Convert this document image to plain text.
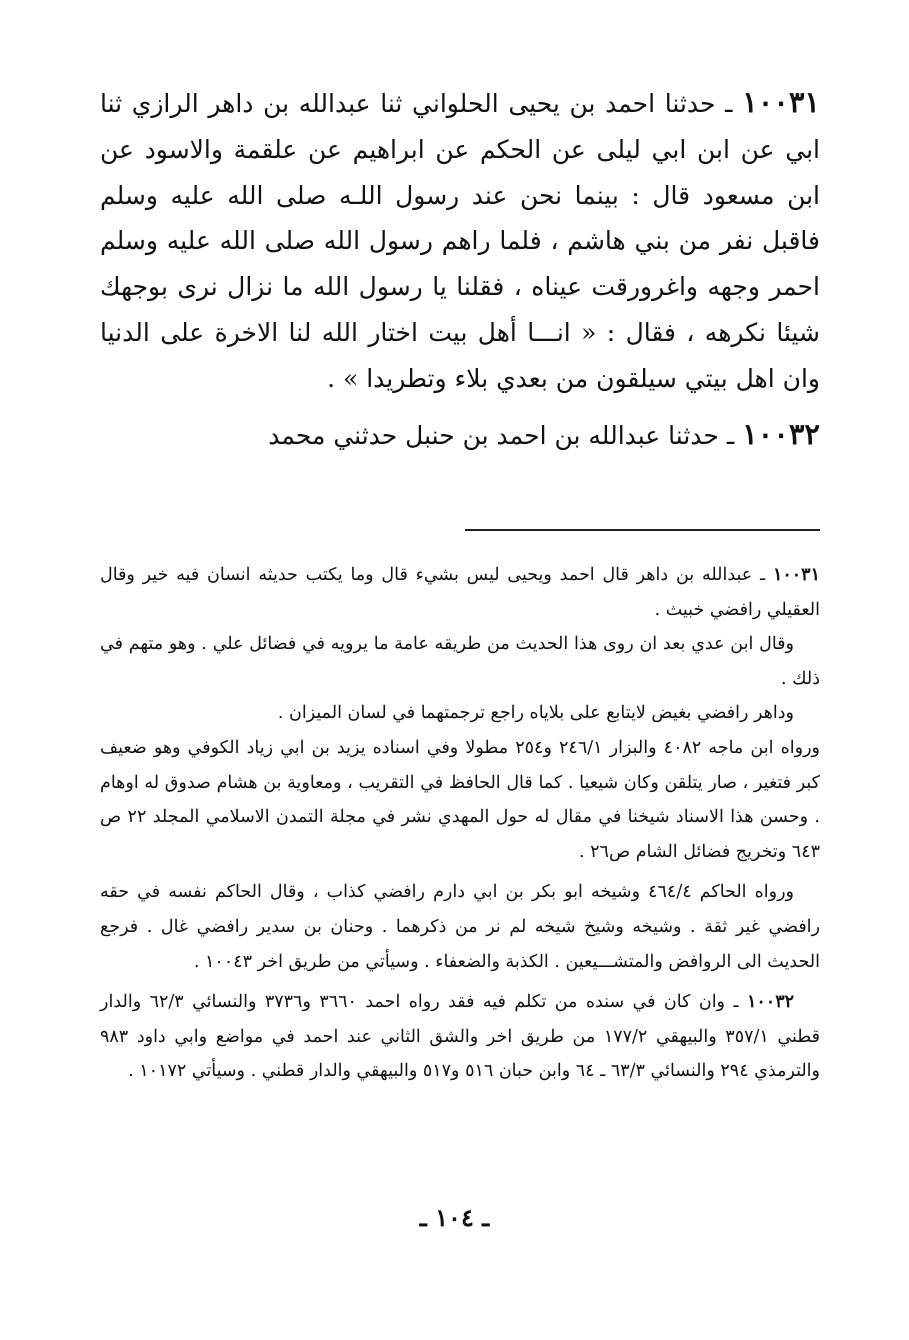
١٠٠٣١ ـ حدثنا احمد بن يحيى الحلواني ثنا عبدالله بن داهر الرازي ثنا ابي عن ابن ابي ليلى عن الحكم عن ابراهيم عن علقمة والاسود عن ابن مسعود قال : بينما نحن عند رسول اللـه صلى الله عليه وسلم فاقبل نفر من بني هاشم ، فلما راهم رسول الله صلى الله عليه وسلم احمر وجهه واغرورقت عيناه ، فقلنا يا رسول الله ما نزال نرى بوجهك شيئا نكرهه ، فقال : « انـــا أهل بيت اختار الله لنا الاخرة على الدنيا وان اهل بيتي سيلقون من بعدي بلاء وتطريدا » .

١٠٠٣٢ ـ حدثنا عبدالله بن احمد بن حنبل حدثني محمد

١٠٠٣١ ـ عبدالله بن داهر قال احمد ويحيى ليس بشيء قال وما يكتب حديثه انسان فيه خير وقال العقيلي رافضي خبيث .

وقال ابن عدي بعد ان روى هذا الحديث من طريقه عامة ما يرويه في فضائل علي . وهو متهم في ذلك .

وداهر رافضي بغيض لايتابع على بلاياه راجع ترجمتهما في لسان الميزان .

ورواه ابن ماجه ٤٠٨٢ والبزار ٢٤٦/١ و٢٥٤ مطولا وفي اسناده يزيد بن ابي زياد الكوفي وهو ضعيف كبر فتغير ، صار يتلقن وكان شيعيا . كما قال الحافظ في التقريب ، ومعاوية بن هشام صدوق له اوهام . وحسن هذا الاسناد شيخنا في مقال له حول المهدي نشر في مجلة التمدن الاسلامي المجلد ٢٢ ص ٦٤٣ وتخريج فضائل الشام ص٢٦ .

ورواه الحاكم ٤٦٤/٤ وشيخه ابو بكر بن ابي دارم رافضي كذاب ، وقال الحاكم نفسه في حقه رافضي غير ثقة . وشيخه وشيخ شيخه لم نر من ذكرهما . وحنان بن سدير رافضي غال . فرجع الحديث الى الروافض والمتشـــيعين . الكذبة والضعفاء . وسيأتي من طريق اخر ١٠٠٤٣ .

١٠٠٣٢ ـ وان كان في سنده من تكلم فيه فقد رواه احمد ٣٦٦٠ و٣٧٣٦ والنسائي ٦٢/٣ والدار قطني ٣٥٧/١ والبيهقي ١٧٧/٢ من طريق اخر والشق الثاني عند احمد في مواضع وابي داود ٩٨٣ والترمذي ٢٩٤ والنسائي ٦٣/٣ ـ ٦٤ وابن حبان ٥١٦ و٥١٧ والبيهقي والدار قطني . وسيأتي ١٠١٧٢ .

ـ ١٠٤ ـ
